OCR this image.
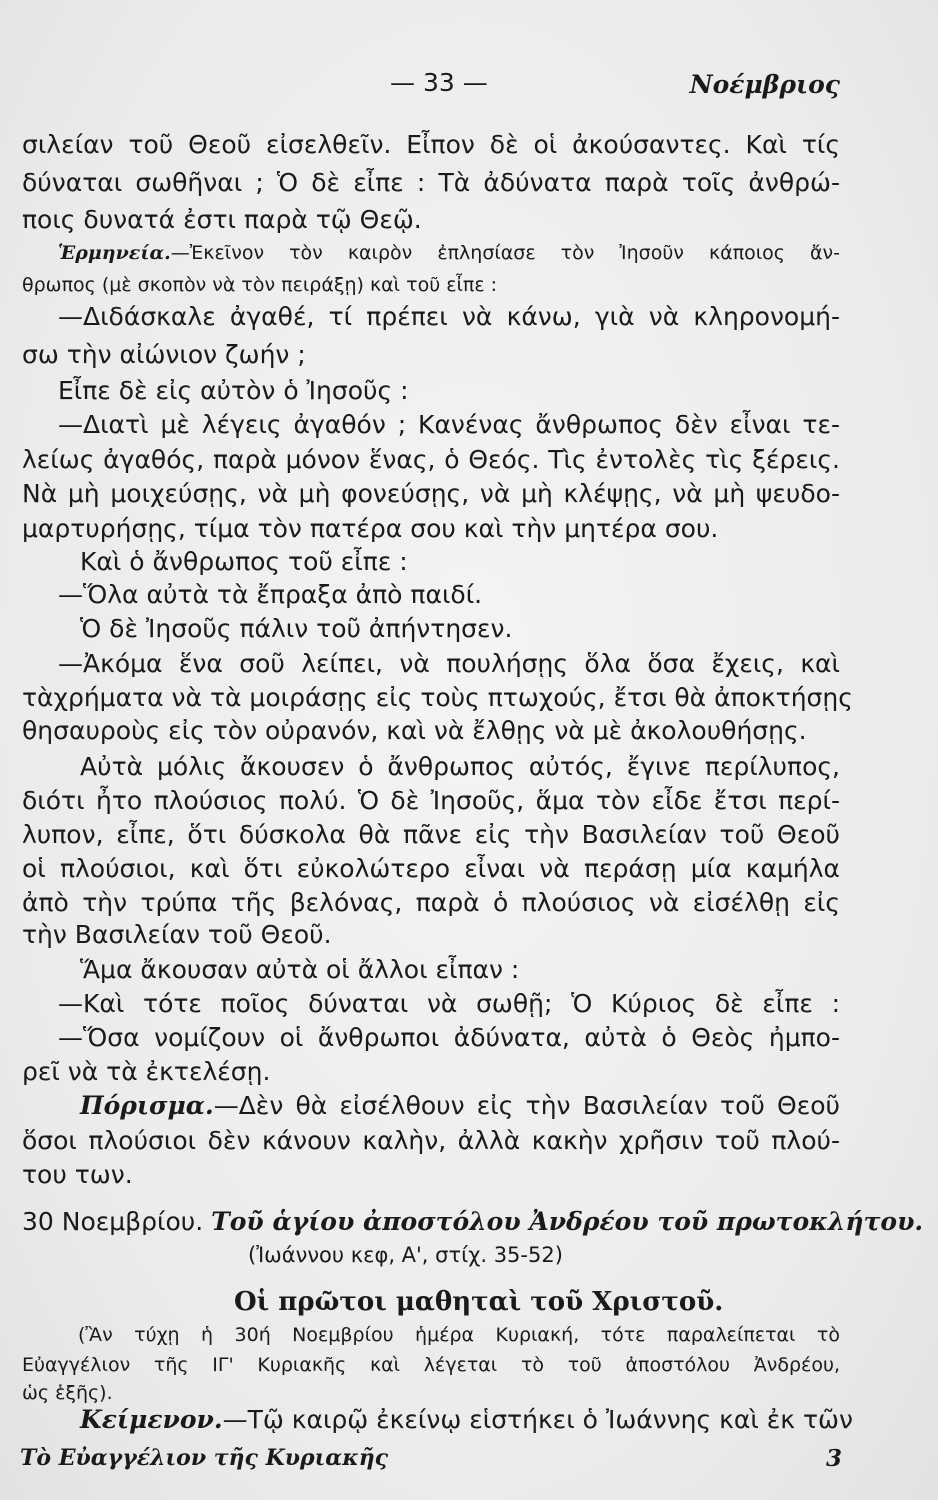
— 33 —	Νοέμβριος
σιλείαν τοῦ Θεοῦ εἰσελθεῖν. Εἶπον δὲ οἱ ἀκούσαντες. Καὶ τίς
δύναται σωθῆναι ; Ὁ δὲ εἶπε : Τὰ ἀδύνατα παρὰ τοῖς ἀνθρώ-
ποις δυνατά ἐστι παρὰ τῷ Θεῷ.
Ἑρμηνεία.—Ἐκεῖνον τὸν καιρὸν ἐπλησίασε τὸν Ἰησοῦν κάποιος ἄν-
θρωπος (μὲ σκοπὸν νὰ τὸν πειράξῃ) καὶ τοῦ εἶπε :
—Διδάσκαλε ἀγαθέ, τί πρέπει νὰ κάνω, γιὰ νὰ κληρονομή-
σω τὴν αἰώνιον ζωήν ;
Εἶπε δὲ εἰς αὐτὸν ὁ Ἰησοῦς :
—Διατὶ μὲ λέγεις ἀγαθόν ; Κανένας ἄνθρωπος δὲν εἶναι τε-
λείως ἀγαθός, παρὰ μόνον ἕνας, ὁ Θεός. Τὶς ἐντολὲς τὶς ξέρεις.
Νὰ μὴ μοιχεύσῃς, νὰ μὴ φονεύσῃς, νὰ μὴ κλέψῃς, νὰ μὴ ψευδο-
μαρτυρήσῃς, τίμα τὸν πατέρα σου καὶ τὴν μητέρα σου.
Καὶ ὁ ἄνθρωπος τοῦ εἶπε :
—Ὅλα αὐτὰ τὰ ἔπραξα ἀπὸ παιδί.
Ὁ δὲ Ἰησοῦς πάλιν τοῦ ἀπήντησεν.
—Ἀκόμα ἕνα σοῦ λείπει, νὰ πουλήσῃς ὅλα ὅσα ἔχεις, καὶ
τὰχρήματα νὰ τὰ μοιράσῃς εἰς τοὺς πτωχούς, ἔτσι θὰ ἀποκτήσῃς
θησαυροὺς εἰς τὸν οὐρανόν, καὶ νὰ ἔλθῃς νὰ μὲ ἀκολουθήσῃς.
Αὐτὰ μόλις ἄκουσεν ὁ ἄνθρωπος αὐτός, ἔγινε περίλυπος,
διότι ἦτο πλούσιος πολύ. Ὁ δὲ Ἰησοῦς, ἅμα τὸν εἶδε ἔτσι περί-
λυπον, εἶπε, ὅτι δύσκολα θὰ πᾶνε εἰς τὴν Βασιλείαν τοῦ Θεοῦ
οἱ πλούσιοι, καὶ ὅτι εὐκολώτερο εἶναι νὰ περάσῃ μία καμήλα
ἀπὸ τὴν τρύπα τῆς βελόνας, παρὰ ὁ πλούσιος νὰ εἰσέλθῃ εἰς
τὴν Βασιλείαν τοῦ Θεοῦ.
Ἅμα ἄκουσαν αὐτὰ οἱ ἄλλοι εἶπαν :
—Καὶ τότε ποῖος δύναται νὰ σωθῇ; Ὁ Κύριος δὲ εἶπε :
—Ὅσα νομίζουν οἱ ἄνθρωποι ἀδύνατα, αὐτὰ ὁ Θεὸς ἠμπο-
ρεῖ νὰ τὰ ἐκτελέσῃ.
Πόρισμα.—Δὲν θὰ εἰσέλθουν εἰς τὴν Βασιλείαν τοῦ Θεοῦ
ὅσοι πλούσιοι δὲν κάνουν καλὴν, ἀλλὰ κακὴν χρῆσιν τοῦ πλού-
του των.
30 Νοεμβρίου. Τοῦ ἁγίου ἀποστόλου Ἀνδρέου τοῦ πρωτοκλήτου.
(Ἰωάννου κεφ, Α', στίχ. 35-52)
Οἱ πρῶτοι μαθηταὶ τοῦ Χριστοῦ.
(Ἂν τύχῃ ἡ 30ή Νοεμβρίου ἡμέρα Κυριακή, τότε παραλείπεται τὸ
Εὐαγγέλιον τῆς ΙΓ' Κυριακῆς καὶ λέγεται τὸ τοῦ ἀποστόλου Ἀνδρέου,
ὡς ἑξῆς).
Κείμενον.—Τῷ καιρῷ ἐκείνῳ εἱστήκει ὁ Ἰωάννης καὶ ἐκ τῶν
Τὸ Εὐαγγέλιον τῆς Κυριακῆς	3
